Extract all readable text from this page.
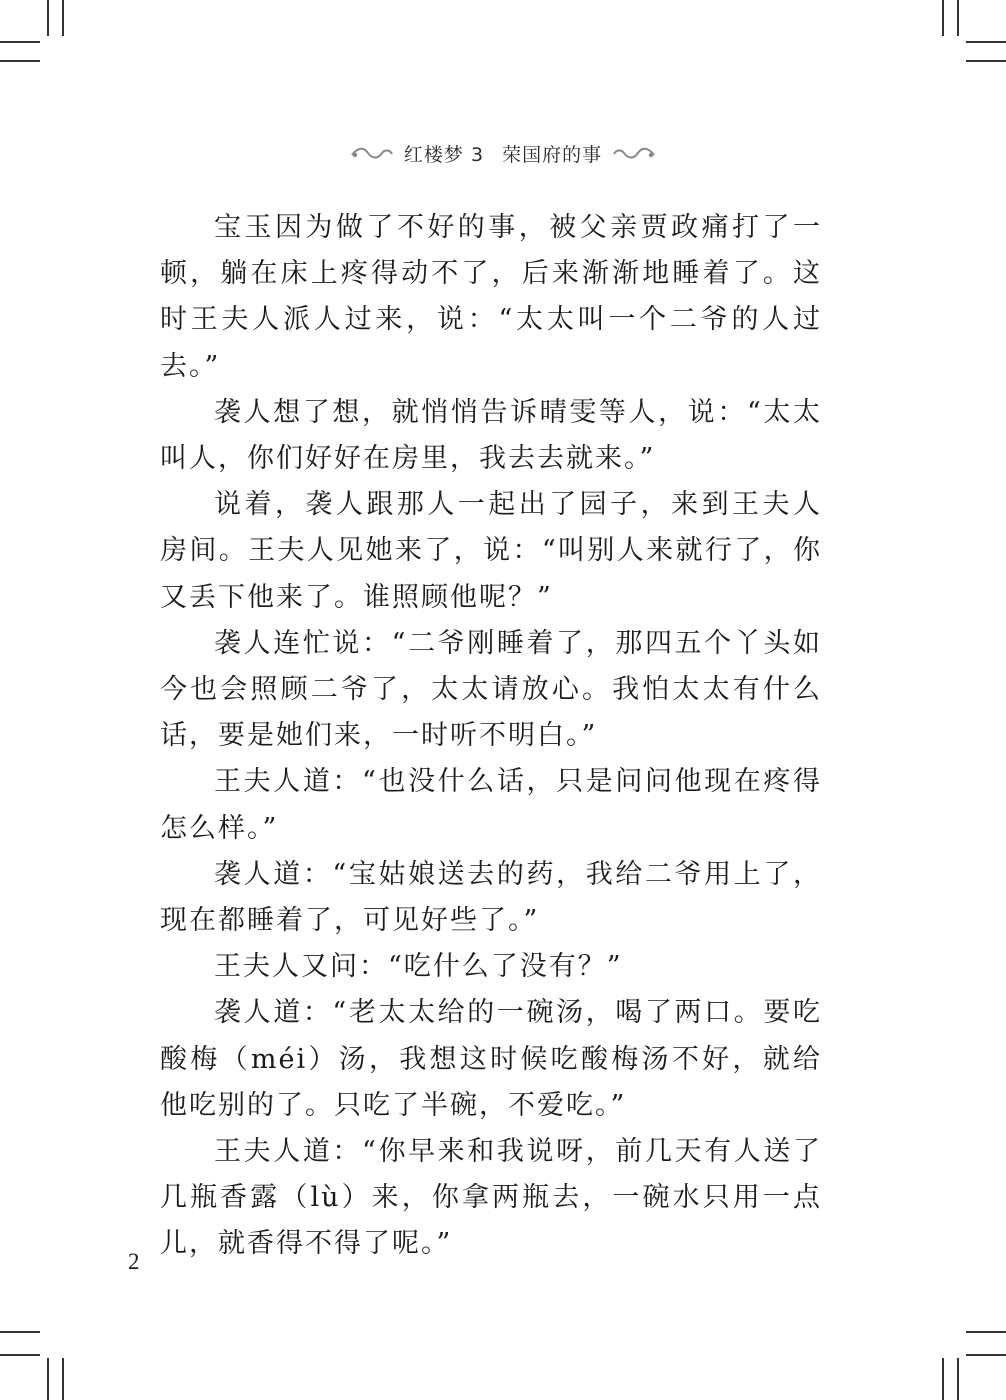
红楼梦 3 荣国府的事

宝玉因为做了不好的事，被父亲贾政痛打了一顿，躺在床上疼得动不了，后来渐渐地睡着了。这时王夫人派人过来，说：“太太叫一个二爷的人过去。”

袭人想了想，就悄悄告诉晴雯等人，说：“太太叫人，你们好好在房里，我去去就来。”

说着，袭人跟那人一起出了园子，来到王夫人房间。王夫人见她来了，说：“叫别人来就行了，你又丢下他来了。谁照顾他呢？”

袭人连忙说：“二爷刚睡着了，那四五个丫头如今也会照顾二爷了，太太请放心。我怕太太有什么话，要是她们来，一时听不明白。”

王夫人道：“也没什么话，只是问问他现在疼得怎么样。”

袭人道：“宝姑娘送去的药，我给二爷用上了，现在都睡着了，可见好些了。”

王夫人又问：“吃什么了没有？”

袭人道：“老太太给的一碗汤，喝了两口。要吃酸梅（méi）汤，我想这时候吃酸梅汤不好，就给他吃别的了。只吃了半碗，不爱吃。”

王夫人道：“你早来和我说呀，前几天有人送了几瓶香露（lù）来，你拿两瓶去，一碗水只用一点儿，就香得不得了呢。”

2
